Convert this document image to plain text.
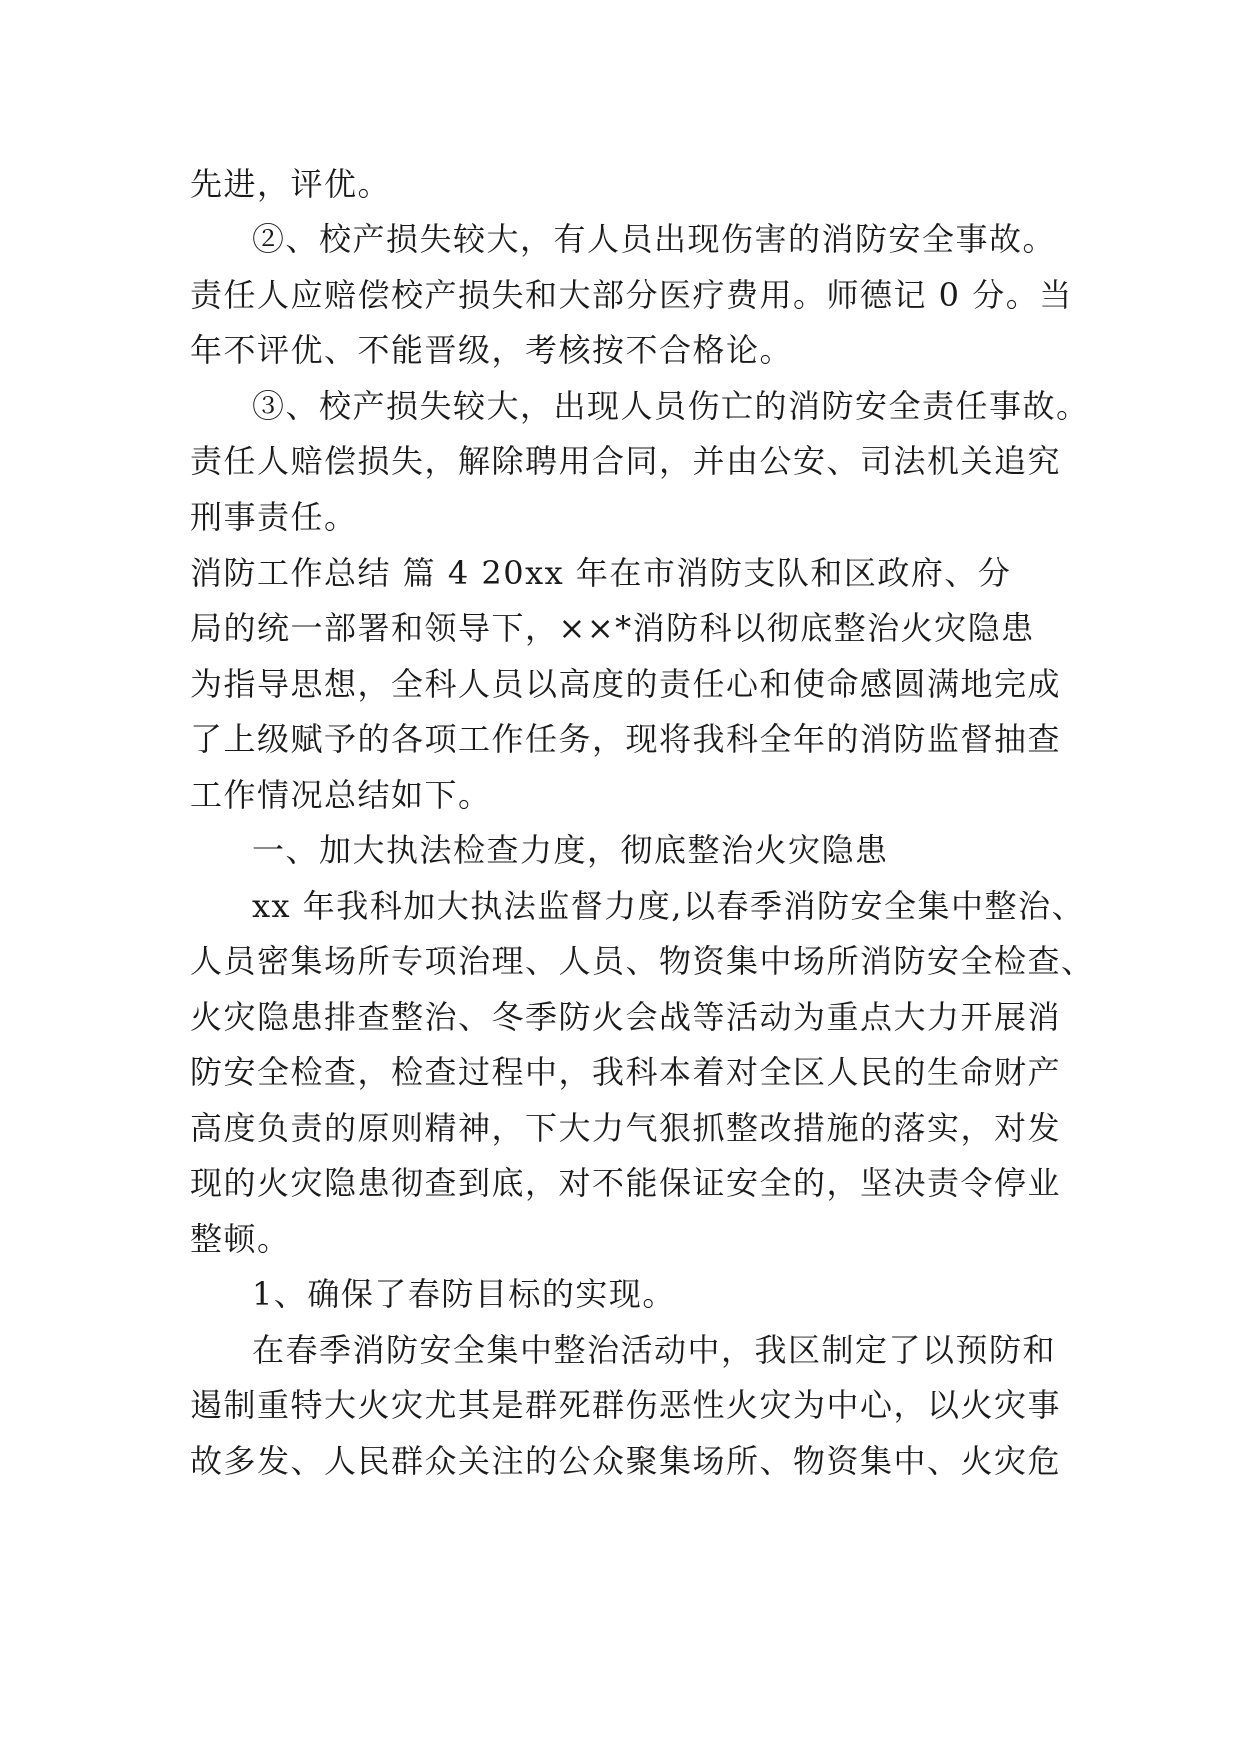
先进，评优。
②、校产损失较大，有人员出现伤害的消防安全事故。
责任人应赔偿校产损失和大部分医疗费用。师德记 0 分。当
年不评优、不能晋级，考核按不合格论。
③、校产损失较大，出现人员伤亡的消防安全责任事故。
责任人赔偿损失，解除聘用合同，并由公安、司法机关追究
刑事责任。
消防工作总结 篇 4 20xx 年在市消防支队和区政府、分
局的统一部署和领导下，××*消防科以彻底整治火灾隐患
为指导思想，全科人员以高度的责任心和使命感圆满地完成
了上级赋予的各项工作任务，现将我科全年的消防监督抽查
工作情况总结如下。
一、加大执法检查力度，彻底整治火灾隐患
xx 年我科加大执法监督力度,以春季消防安全集中整治、
人员密集场所专项治理、人员、物资集中场所消防安全检查、
火灾隐患排查整治、冬季防火会战等活动为重点大力开展消
防安全检查，检查过程中，我科本着对全区人民的生命财产
高度负责的原则精神，下大力气狠抓整改措施的落实，对发
现的火灾隐患彻查到底，对不能保证安全的，坚决责令停业
整顿。
1、确保了春防目标的实现。
在春季消防安全集中整治活动中，我区制定了以预防和
遏制重特大火灾尤其是群死群伤恶性火灾为中心，以火灾事
故多发、人民群众关注的公众聚集场所、物资集中、火灾危
